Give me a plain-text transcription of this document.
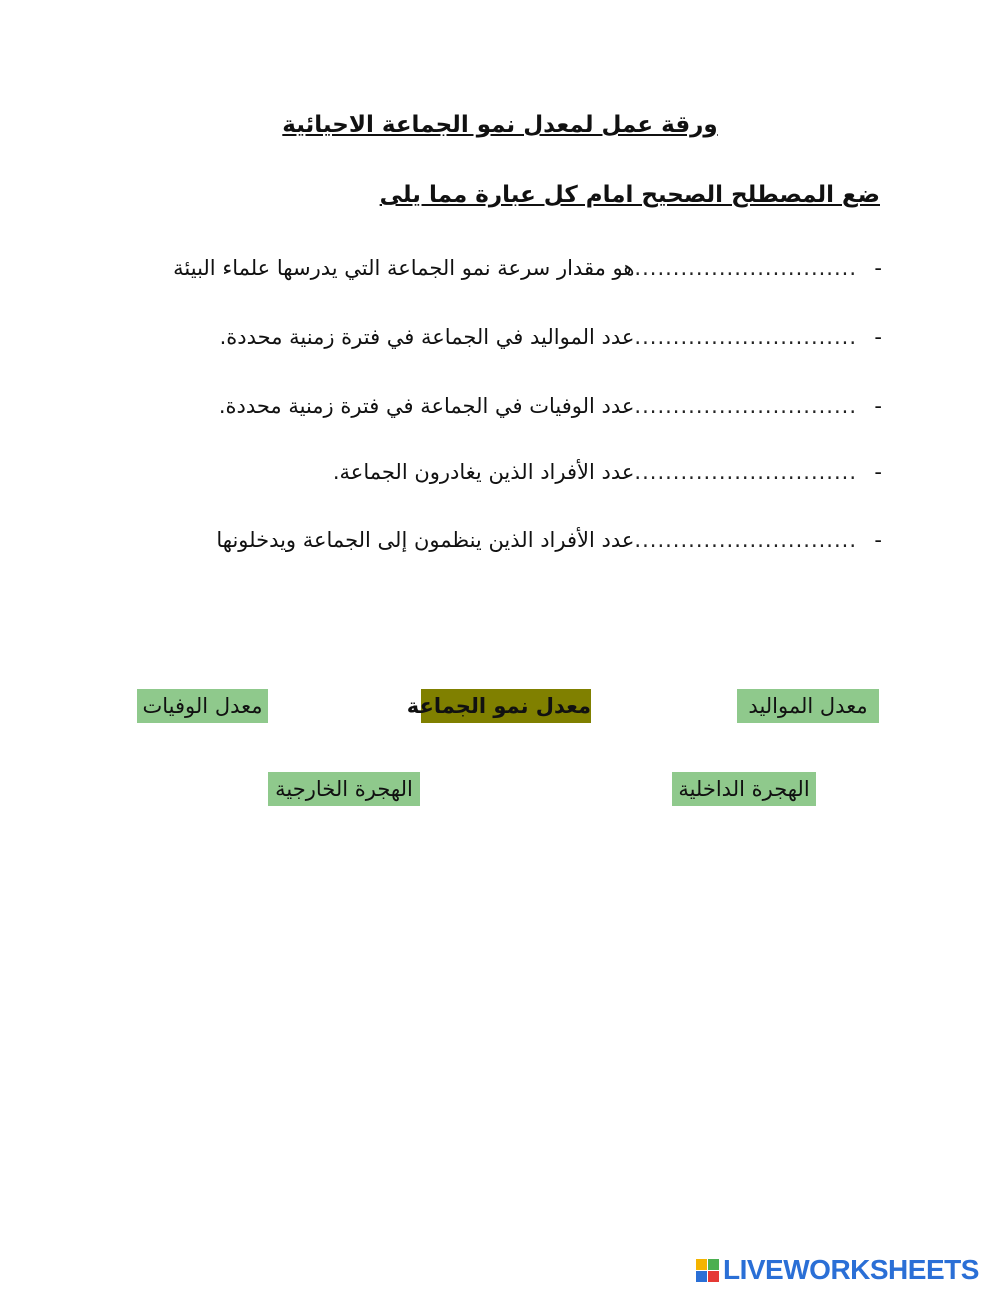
ورقة عمل لمعدل نمو الجماعة الاحيائية
ضع المصطلح الصحيح امام كل عبارة مما يلى
-
.....
هو مقدار سرعة نمو الجماعة التي يدرسها علماء البيئة
-
.....
عدد المواليد في الجماعة في فترة زمنية محددة.
-
.....
عدد الوفيات في الجماعة في فترة زمنية محددة.
-
.....
عدد الأفراد الذين يغادرون الجماعة.
-
.....
عدد الأفراد الذين ينظمون إلى الجماعة ويدخلونها
معدل المواليد
معدل نمو الجماعة
معدل الوفيات
الهجرة الداخلية
الهجرة الخارجية
LIVEWORKSHEETS
